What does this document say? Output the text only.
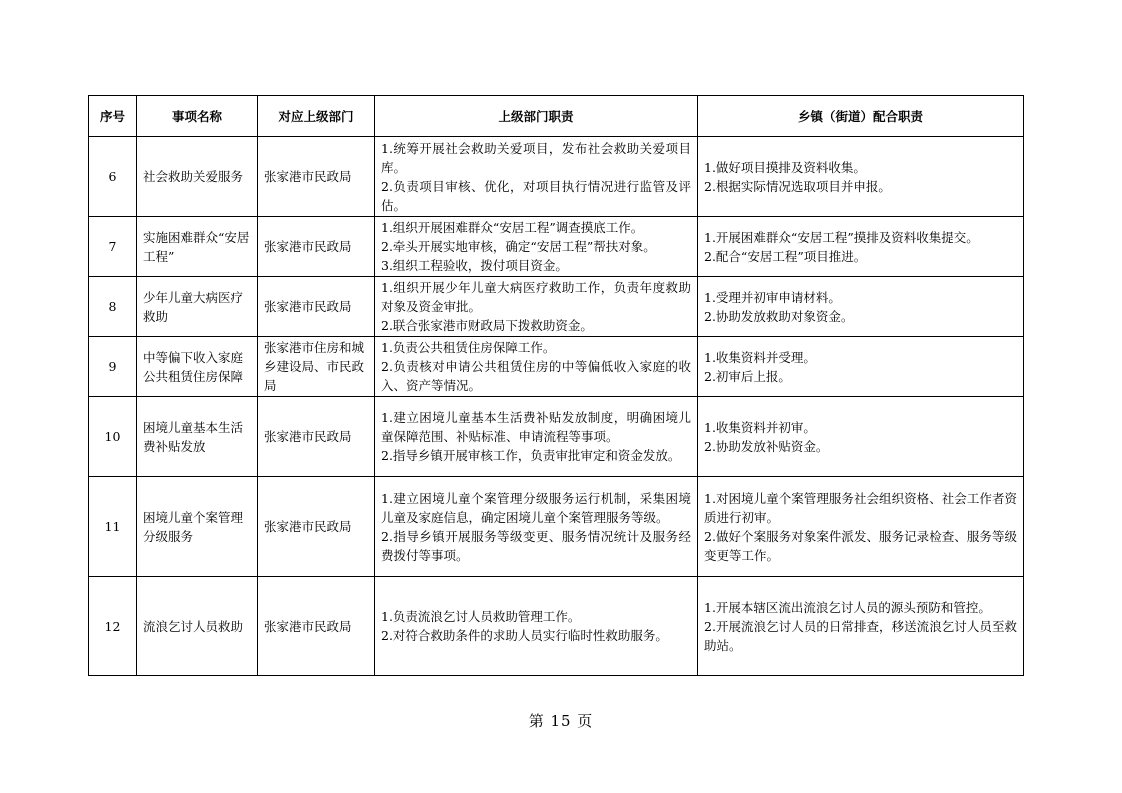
序号	事项名称	对应上级部门	上级部门职责	乡镇（街道）配合职责
6	社会救助关爱服务	张家港市民政局	1.统筹开展社会救助关爱项目，发布社会救助关爱项目库。
2.负责项目审核、优化，对项目执行情况进行监管及评估。	1.做好项目摸排及资料收集。
2.根据实际情况选取项目并申报。

7	实施困难群众“安居工程”	张家港市民政局	1.组织开展困难群众“安居工程”调查摸底工作。
2.牵头开展实地审核，确定“安居工程”帮扶对象。
3.组织工程验收，拨付项目资金。	1.开展困难群众“安居工程”摸排及资料收集提交。
2.配合“安居工程”项目推进。

8	少年儿童大病医疗救助	张家港市民政局	1.组织开展少年儿童大病医疗救助工作，负责年度救助对象及资金审批。
2.联合张家港市财政局下拨救助资金。	1.受理并初审申请材料。
2.协助发放救助对象资金。

9	中等偏下收入家庭公共租赁住房保障	张家港市住房和城乡建设局、市民政局	1.负责公共租赁住房保障工作。
2.负责核对申请公共租赁住房的中等偏低收入家庭的收入、资产等情况。	1.收集资料并受理。
2.初审后上报。

10	困境儿童基本生活费补贴发放	张家港市民政局	1.建立困境儿童基本生活费补贴发放制度，明确困境儿童保障范围、补贴标准、申请流程等事项。
2.指导乡镇开展审核工作，负责审批审定和资金发放。	1.收集资料并初审。
2.协助发放补贴资金。

11	困境儿童个案管理分级服务	张家港市民政局	1.建立困境儿童个案管理分级服务运行机制，采集困境儿童及家庭信息，确定困境儿童个案管理服务等级。
2.指导乡镇开展服务等级变更、服务情况统计及服务经费拨付等事项。	1.对困境儿童个案管理服务社会组织资格、社会工作者资质进行初审。
2.做好个案服务对象案件派发、服务记录检查、服务等级变更等工作。

12	流浪乞讨人员救助	张家港市民政局	1.负责流浪乞讨人员救助管理工作。
2.对符合救助条件的求助人员实行临时性救助服务。	1.开展本辖区流出流浪乞讨人员的源头预防和管控。
2.开展流浪乞讨人员的日常排查，移送流浪乞讨人员至救助站。
第 15 页
